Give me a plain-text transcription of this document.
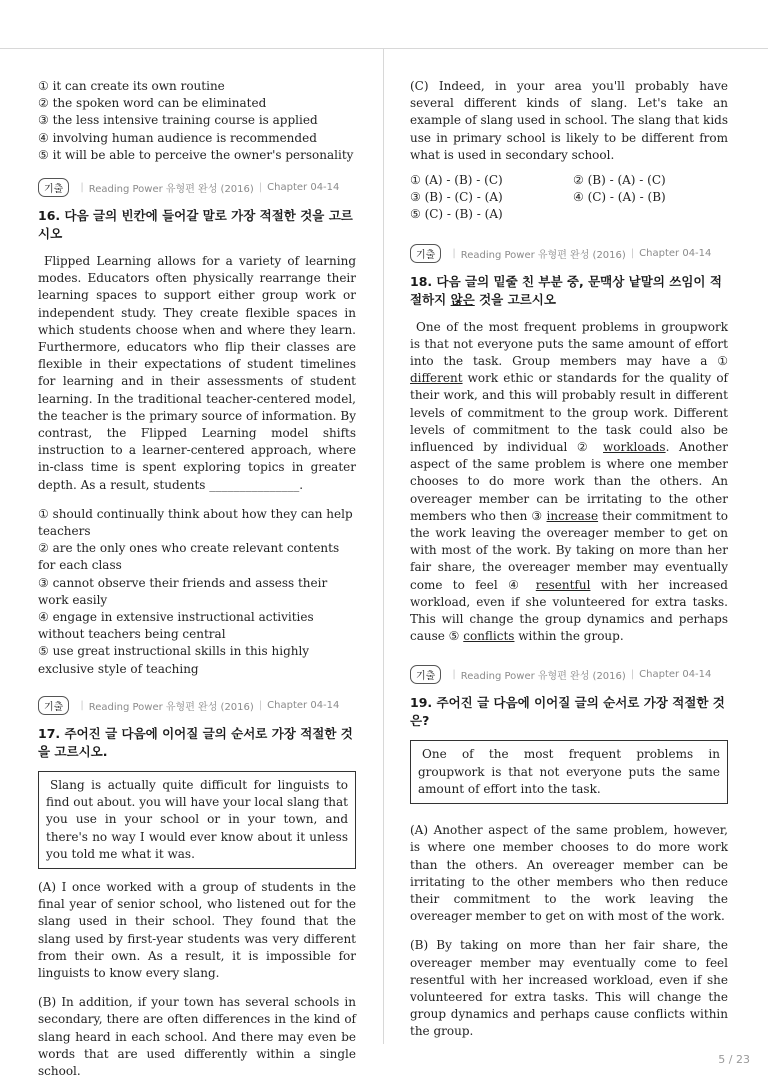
① it can create its own routine

② the spoken word can be eliminated

③ the less intensive training course is applied

④ involving human audience is recommended

⑤ it will be able to perceive the owner's personality

기출	| Reading Power 유형편 완성 (2016) | Chapter 04-14
16. 다음 글의 빈칸에 들어갈 말로 가장 적절한 것을 고르시오

Flipped Learning allows for a variety of learning modes. Educators often physically rearrange their learning spaces to support either group work or independent study. They create flexible spaces in which students choose when and where they learn. Furthermore, educators who flip their classes are flexible in their expectations of student timelines for learning and in their assessments of student learning. In the traditional teacher-centered model, the teacher is the primary source of information. By contrast, the Flipped Learning model shifts instruction to a learner-centered approach, where in-class time is spent exploring topics in greater depth. As a result, students _______________.

① should continually think about how they can help teachers

② are the only ones who create relevant contents for each class

③ cannot observe their friends and assess their work easily

④ engage in extensive instructional activities without teachers being central

⑤ use great instructional skills in this highly exclusive style of teaching

기출	| Reading Power 유형편 완성 (2016) | Chapter 04-14
17. 주어진 글 다음에 이어질 글의 순서로 가장 적절한 것을 고르시오.

Slang is actually quite difficult for linguists to find out about. you will have your local slang that you use in your school or in your town, and there's no way I would ever know about it unless you told me what it was.

(A) I once worked with a group of students in the final year of senior school, who listened out for the slang used in their school. They found that the slang used by first-year students was very different from their own. As a result, it is impossible for linguists to know every slang.

(B) In addition, if your town has several schools in secondary, there are often differences in the kind of slang heard in each school. And there may even be words that are used differently within a single school.

(C) Indeed, in your area you'll probably have several different kinds of slang. Let's take an example of slang used in school. The slang that kids use in primary school is likely to be different from what is used in secondary school.

① (A) - (B) - (C)	② (B) - (A) - (C)

③ (B) - (C) - (A)	④ (C) - (A) - (B)

⑤ (C) - (B) - (A)

기출	| Reading Power 유형편 완성 (2016) | Chapter 04-14
18. 다음 글의 밑줄 친 부분 중, 문맥상 낱말의 쓰임이 적절하지 않은 것을 고르시오

One of the most frequent problems in groupwork is that not everyone puts the same amount of effort into the task. Group members may have a ① different work ethic or standards for the quality of their work, and this will probably result in different levels of commitment to the group work. Different levels of commitment to the task could also be influenced by individual ② workloads. Another aspect of the same problem is where one member chooses to do more work than the others. An overeager member can be irritating to the other members who then ③ increase their commitment to the work leaving the overeager member to get on with most of the work. By taking on more than her fair share, the overeager member may eventually come to feel ④ resentful with her increased workload, even if she volunteered for extra tasks. This will change the group dynamics and perhaps cause ⑤ conflicts within the group.

기출	| Reading Power 유형편 완성 (2016) | Chapter 04-14
19. 주어진 글 다음에 이어질 글의 순서로 가장 적절한 것은?

One of the most frequent problems in groupwork is that not everyone puts the same amount of effort into the task.

(A) Another aspect of the same problem, however, is where one member chooses to do more work than the others. An overeager member can be irritating to the other members who then reduce their commitment to the work leaving the overeager member to get on with most of the work.

(B) By taking on more than her fair share, the overeager member may eventually come to feel resentful with her increased workload, even if she volunteered for extra tasks. This will change the group dynamics and perhaps cause conflicts within the group.

5 / 23
